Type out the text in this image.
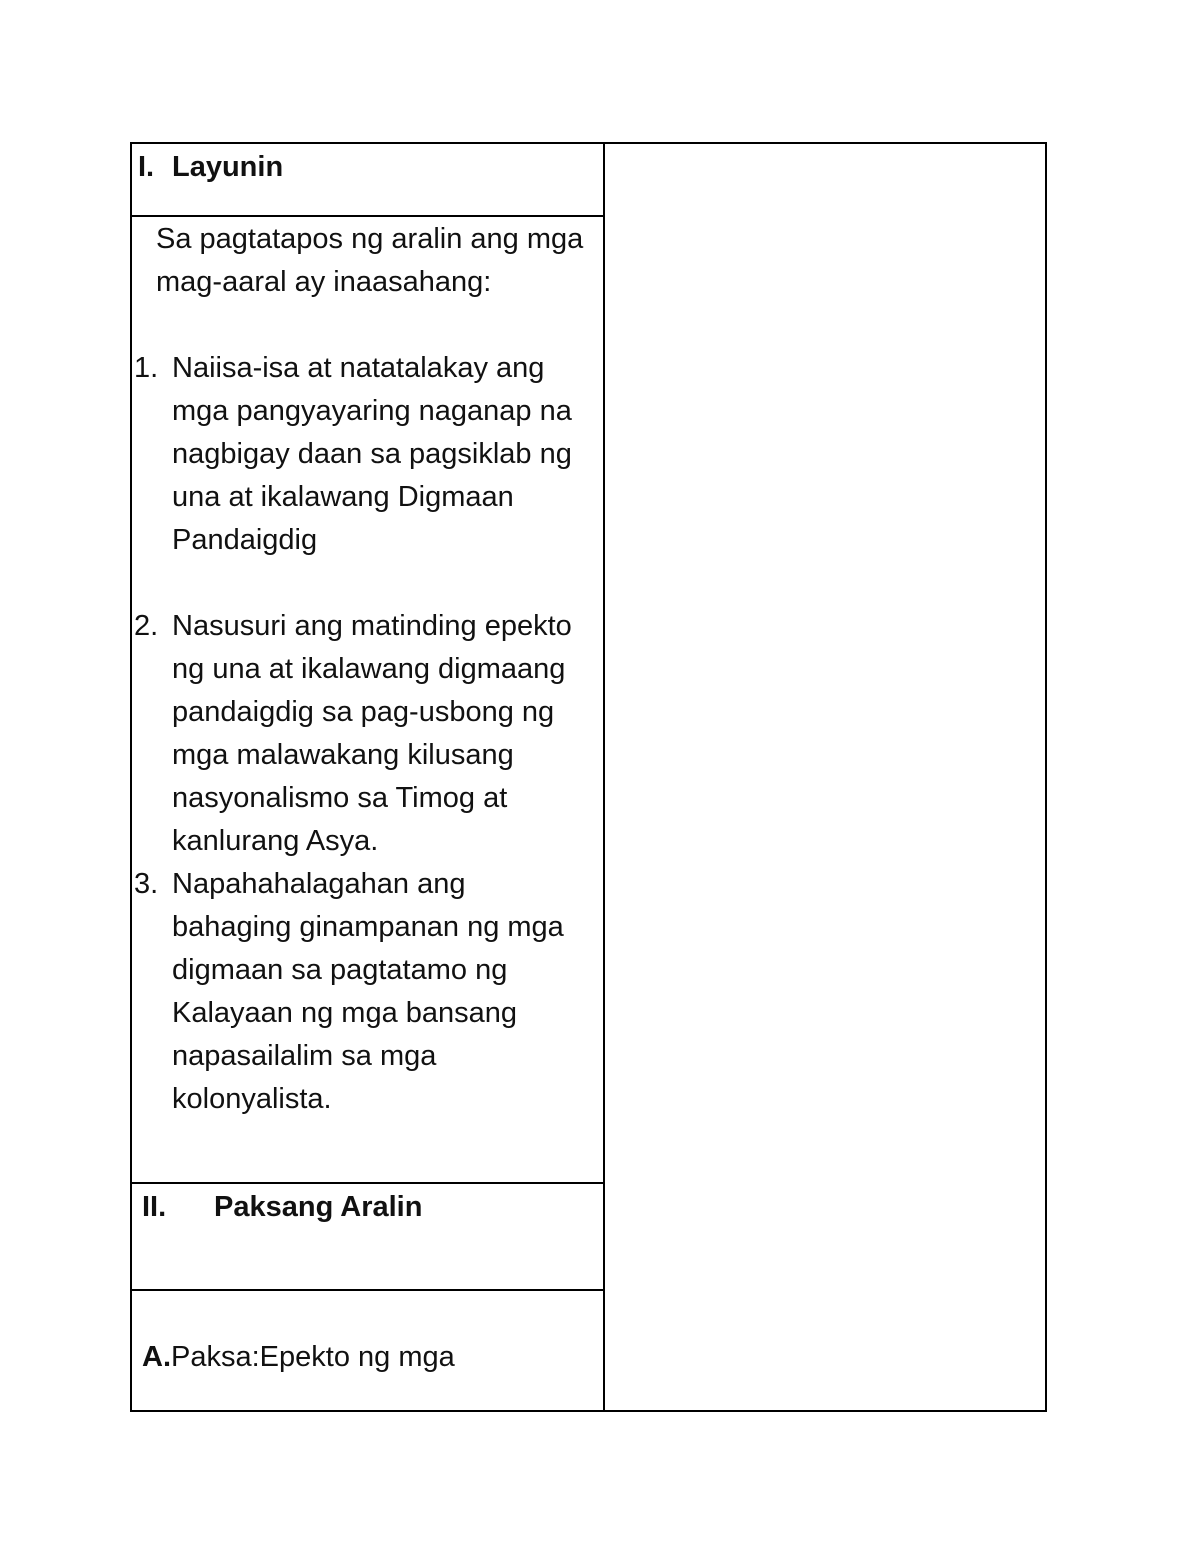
I. Layunin
Sa pagtatapos ng aralin ang mga mag-aaral ay inaasahang:
1. Naiisa-isa at natatalakay ang mga pangyayaring naganap na nagbigay daan sa pagsiklab ng una at ikalawang Digmaan Pandaigdig
2. Nasusuri ang matinding epekto ng una at ikalawang digmaang pandaigdig sa pag-usbong ng mga malawakang kilusang nasyonalismo sa Timog at kanlurang Asya.
3. Napahahalagahan ang bahaging ginampanan ng mga digmaan sa pagtatamo ng Kalayaan ng mga bansang napasailalim sa mga kolonyalista.
II. Paksang Aralin
A.Paksa:Epekto ng mga
